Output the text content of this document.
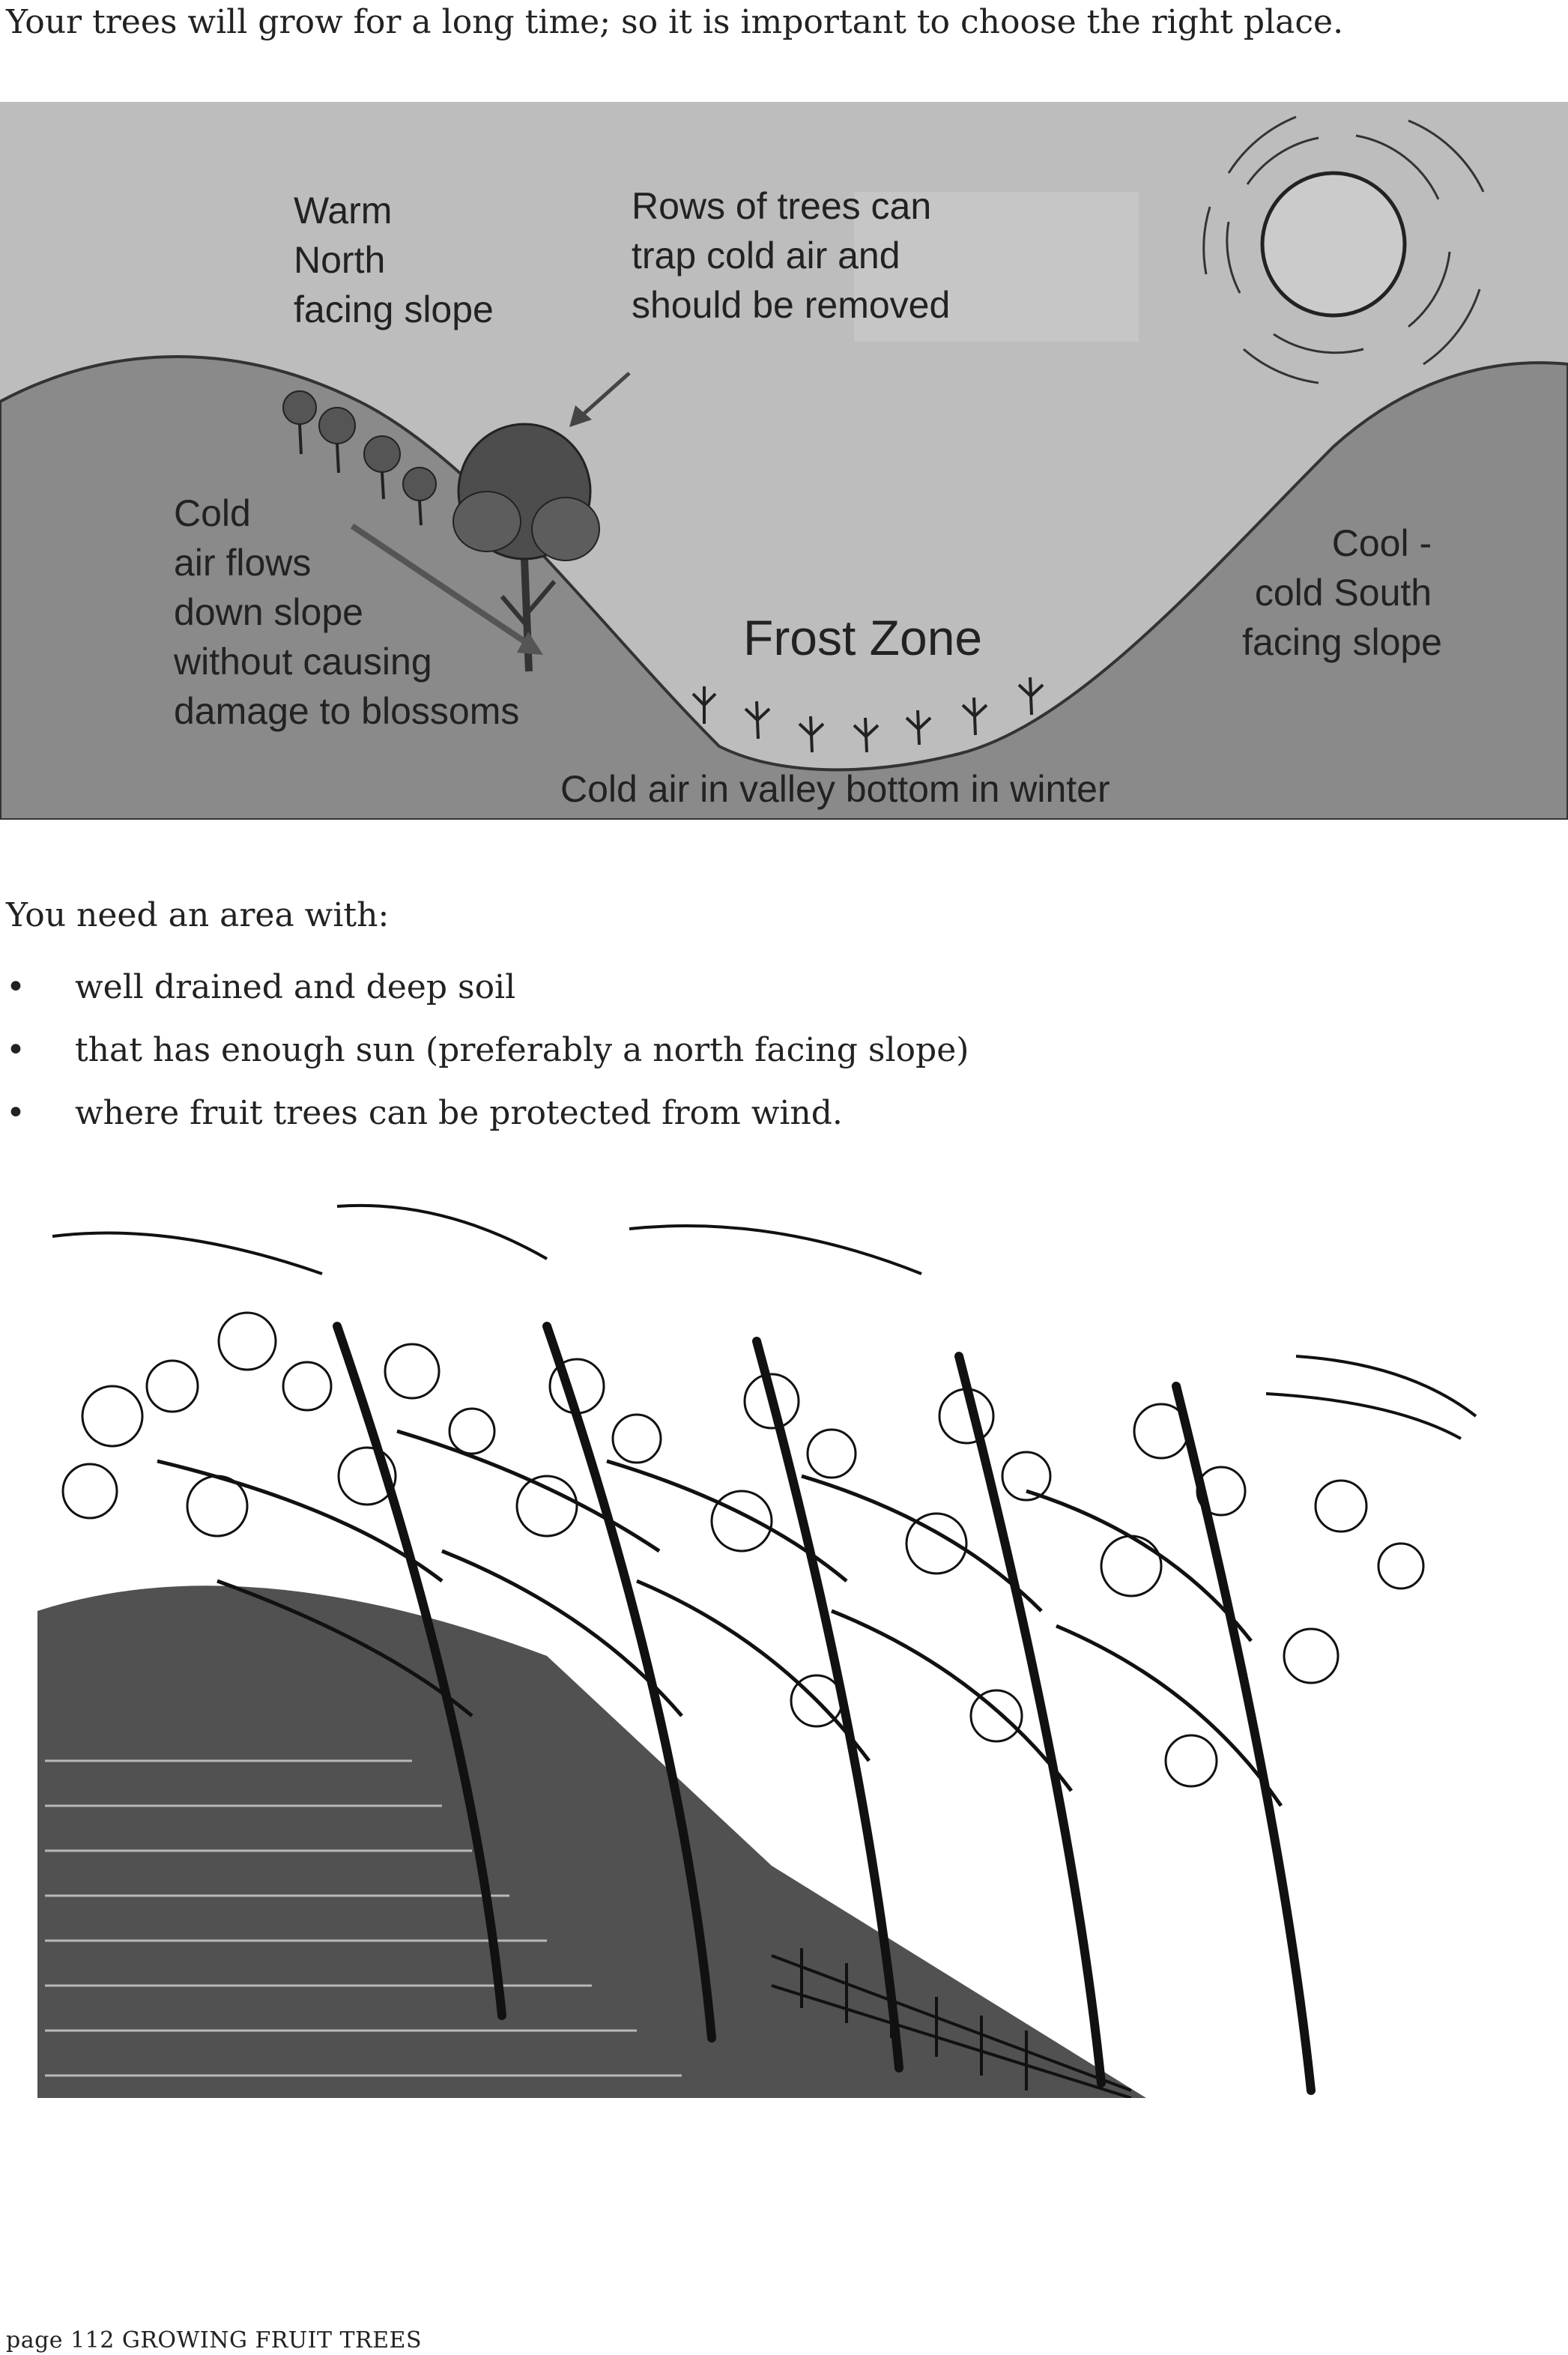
Your trees will grow for a long time; so it is important to choose the right place.

Warm North facing slope
Rows of trees can trap cold air and should be removed
Cold air flows down slope without causing damage to blossoms
Frost Zone
Cool - cold South facing slope
Cold air in valley bottom in winter

You need an area with:

• well drained and deep soil
• that has enough sun (preferably a north facing slope)
• where fruit trees can be protected from wind.

page 112 GROWING FRUIT TREES
